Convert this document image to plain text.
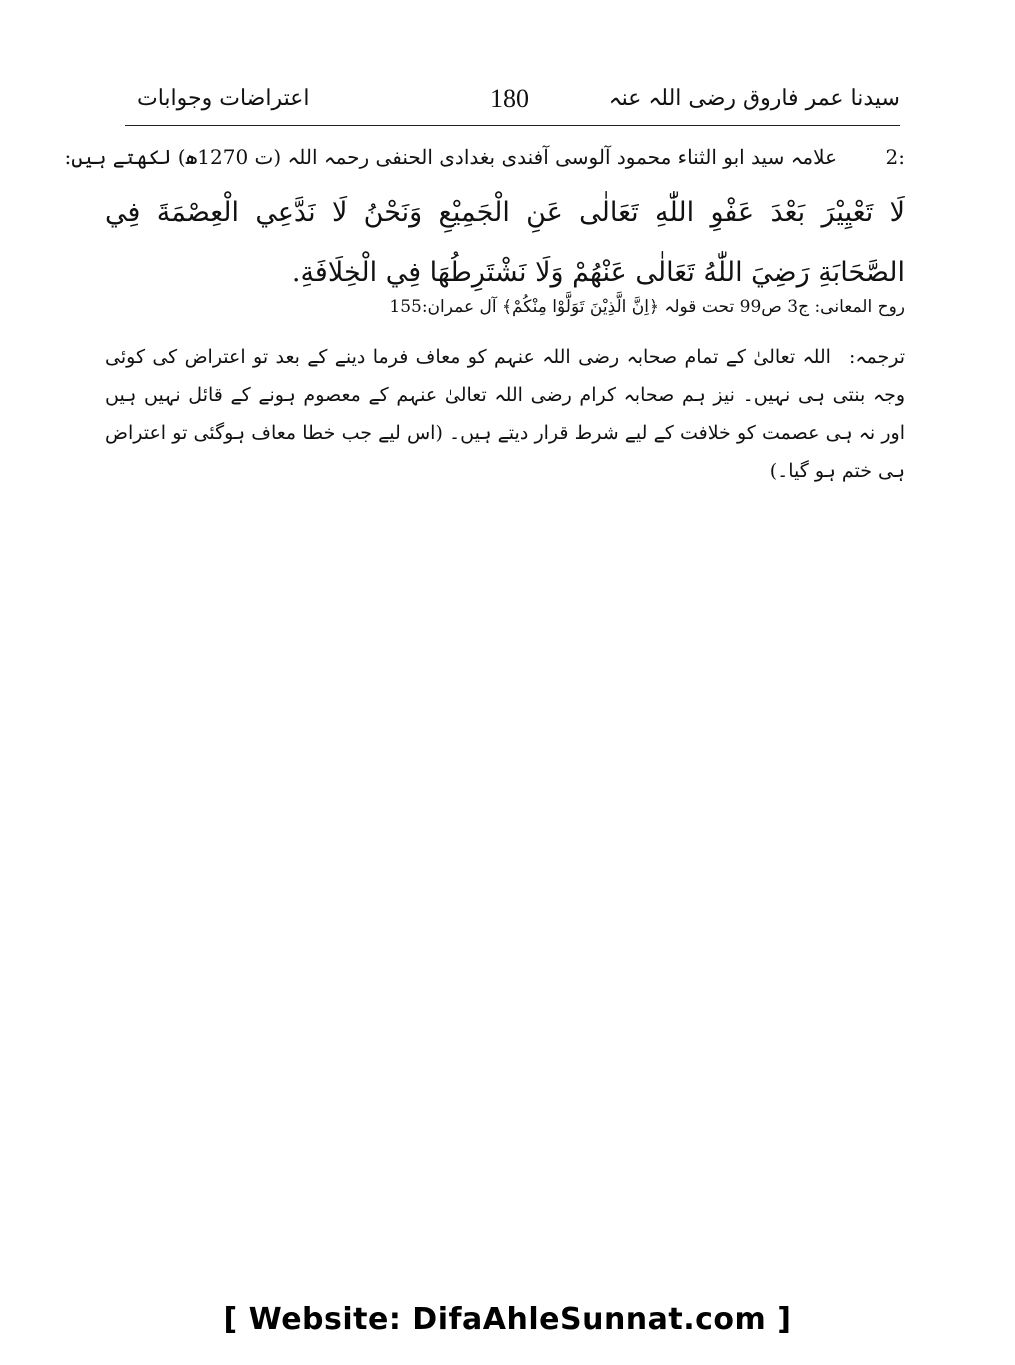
سیدنا عمر فاروق رضی اللہ عنہ
180
اعتراضات وجوابات
:2علامہ سید ابو الثناء محمود آلوسی آفندی بغدادی الحنفی رحمہ اللہ (ت 1270ھ) لکھتے ہیں:
لَا تَعْيِيْرَ بَعْدَ عَفْوِ اللّٰهِ تَعَالٰى عَنِ الْجَمِيْعِ وَنَحْنُ لَا نَدَّعِي الْعِصْمَةَ فِي الصَّحَابَةِ رَضِيَ اللّٰهُ تَعَالٰى عَنْهُمْ وَلَا نَشْتَرِطُهَا فِي الْخِلَافَةِ.
روح المعانی: ج3 ص99 تحت قولہ ﴿اِنَّ الَّذِيْنَ تَوَلَّوْا مِنْكُمْ﴾ آل عمران:155
ترجمہ:اللہ تعالیٰ کے تمام صحابہ رضی اللہ عنہم کو معاف فرما دینے کے بعد تو اعتراض کی کوئی وجہ بنتی ہی نہیں۔ نیز ہم صحابہ کرام رضی اللہ تعالیٰ عنہم کے معصوم ہونے کے قائل نہیں ہیں اور نہ ہی عصمت کو خلافت کے لیے شرط قرار دیتے ہیں۔ (اس لیے جب خطا معاف ہوگئی تو اعتراض ہی ختم ہو گیا۔)
[ Website: DifaAhleSunnat.com ]
